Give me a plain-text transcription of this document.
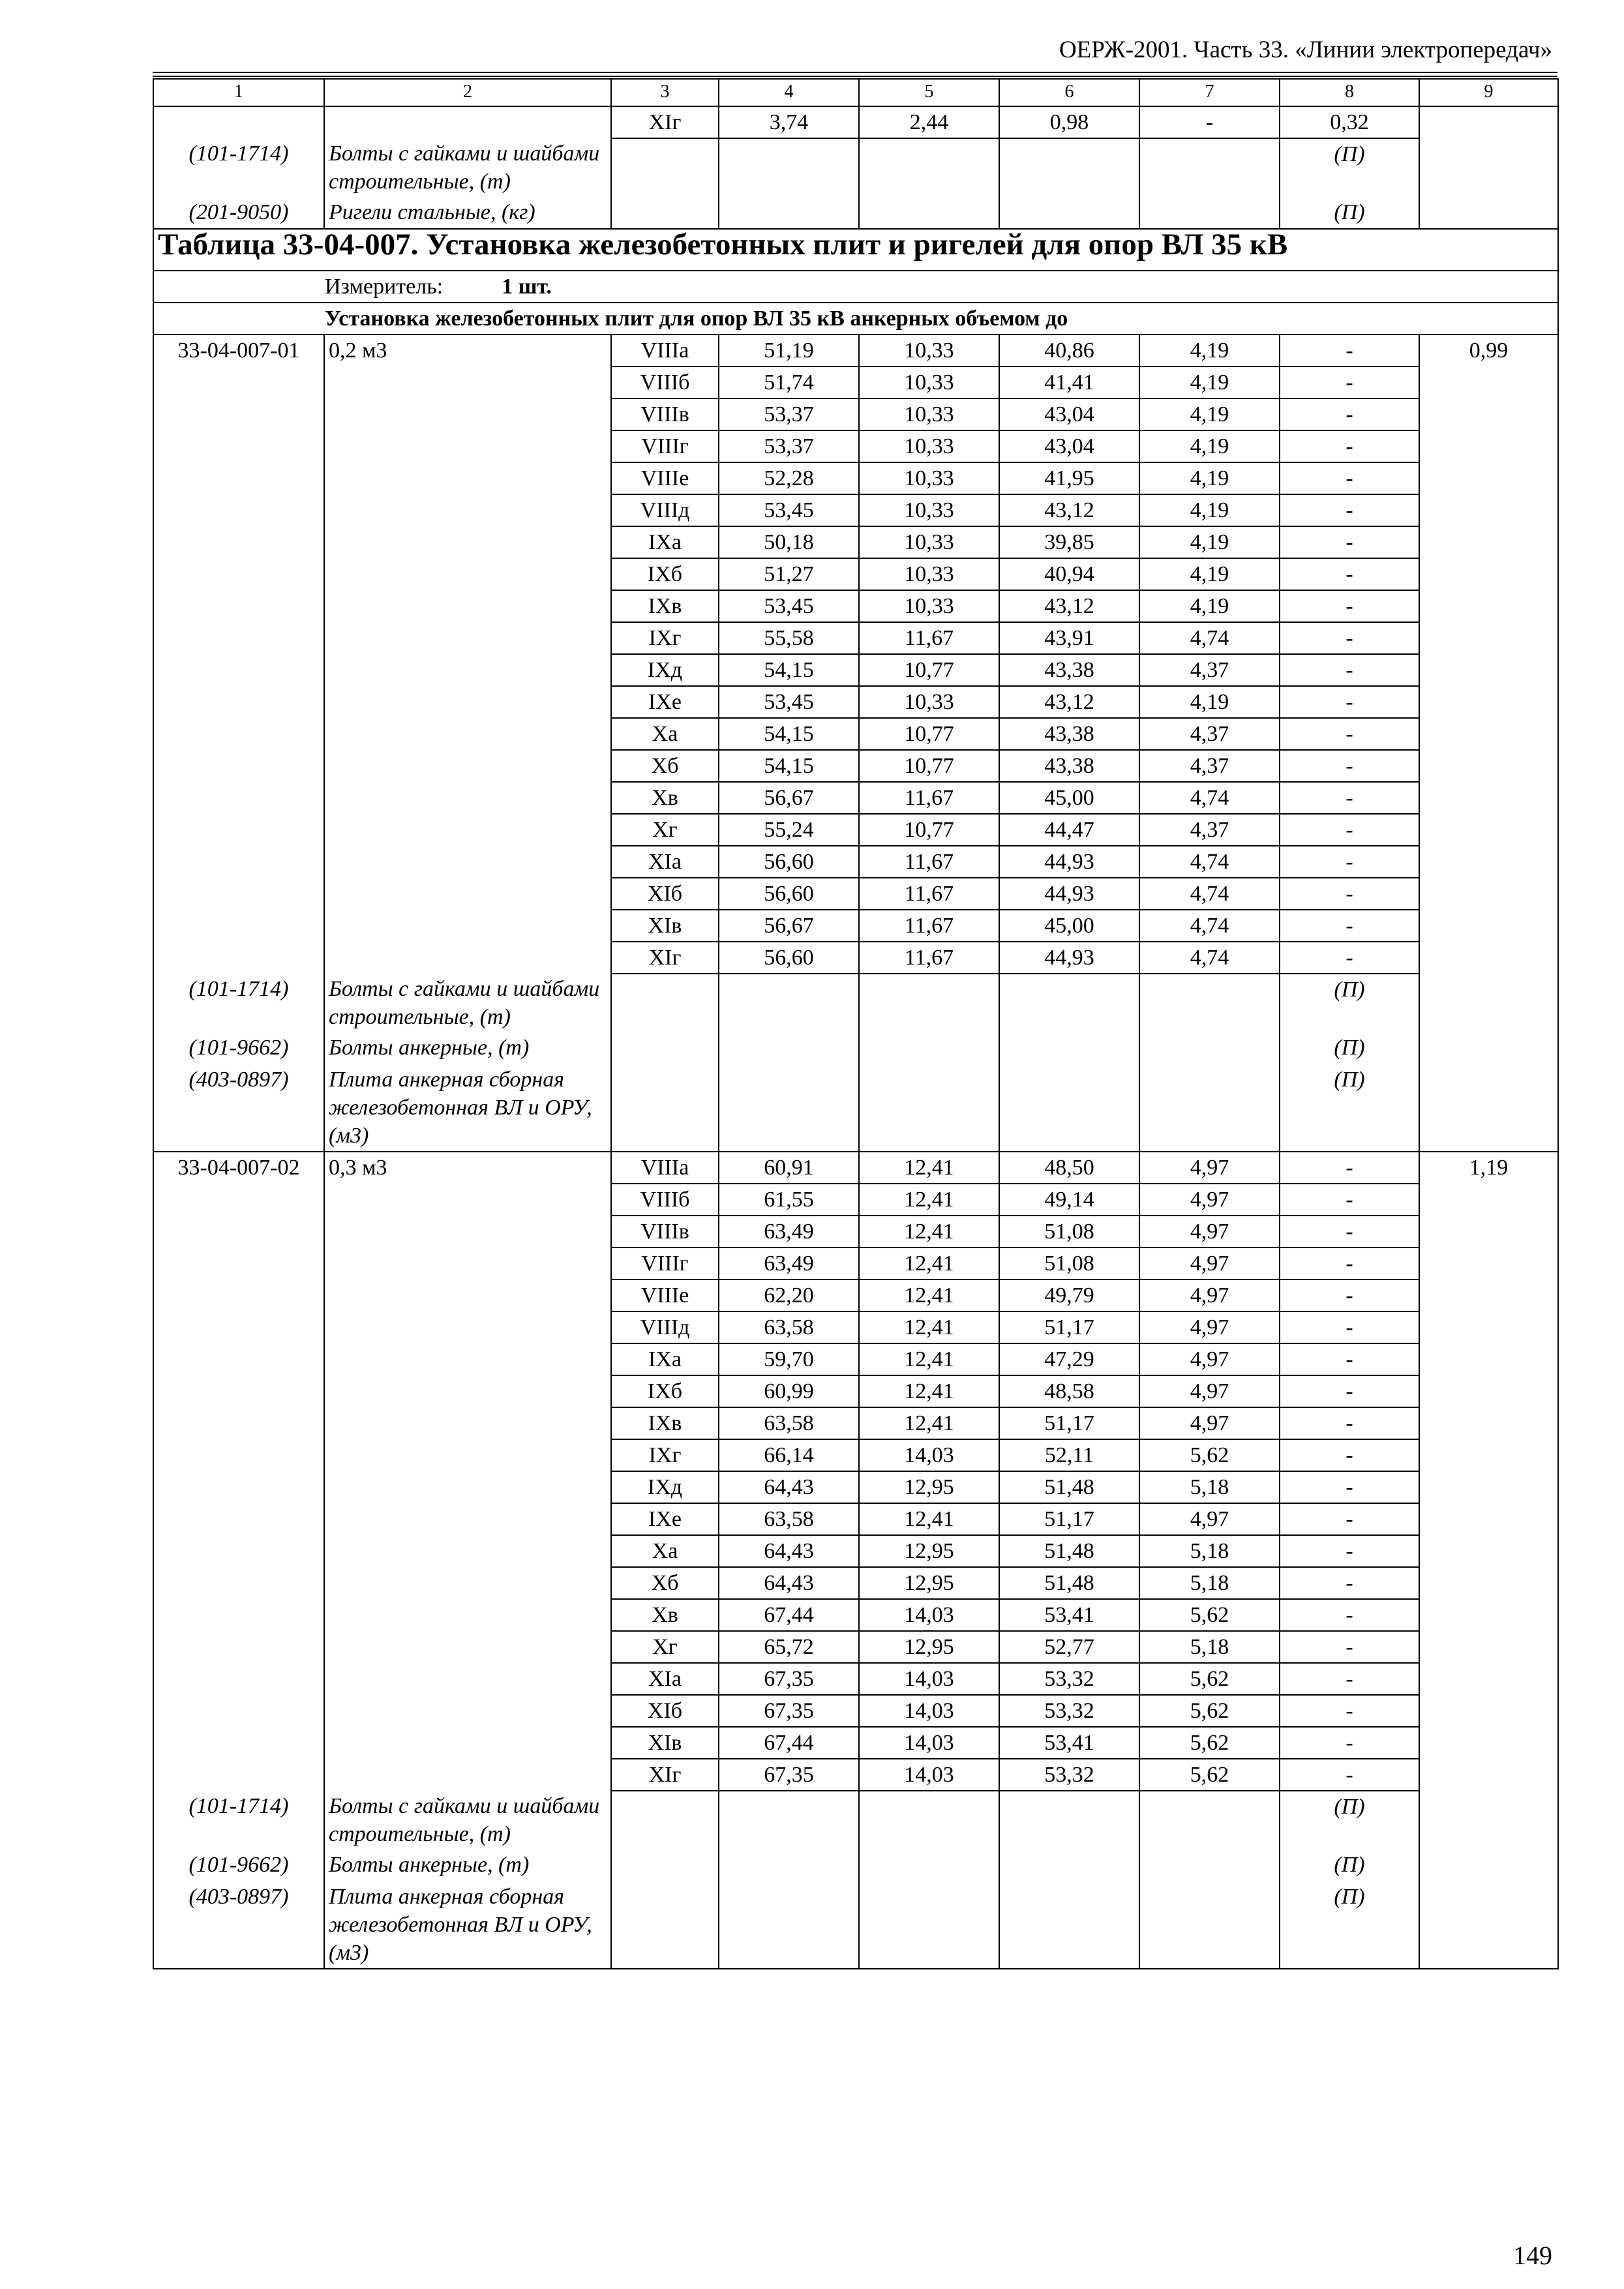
ОЕРЖ-2001. Часть 33. «Линии электропередач»
1	2	3	4	5	6	7	8	9
		XIг	3,74	2,44	0,98	-	0,32	
(101-1714)	Болты с гайками и шайбами строительные, (т)						(П)	
(201-9050)	Ригели стальные, (кг)						(П)	
Таблица 33-04-007. Установка железобетонных плит и ригелей для опор ВЛ 35 кВ								
Измеритель: 1 шт.								
Установка железобетонных плит для опор ВЛ 35 кВ анкерных объемом до								
33-04-007-01	0,2 м3	VIIIа	51,19	10,33	40,86	4,19	-	0,99
		VIIIб	51,74	10,33	41,41	4,19	-	
		VIIIв	53,37	10,33	43,04	4,19	-	
		VIIIг	53,37	10,33	43,04	4,19	-	
		VIIIе	52,28	10,33	41,95	4,19	-	
		VIIIд	53,45	10,33	43,12	4,19	-	
		IXа	50,18	10,33	39,85	4,19	-	
		IXб	51,27	10,33	40,94	4,19	-	
		IXв	53,45	10,33	43,12	4,19	-	
		IXг	55,58	11,67	43,91	4,74	-	
		IXд	54,15	10,77	43,38	4,37	-	
		IXе	53,45	10,33	43,12	4,19	-	
		Xа	54,15	10,77	43,38	4,37	-	
		Xб	54,15	10,77	43,38	4,37	-	
		Xв	56,67	11,67	45,00	4,74	-	
		Xг	55,24	10,77	44,47	4,37	-	
		XIа	56,60	11,67	44,93	4,74	-	
		XIб	56,60	11,67	44,93	4,74	-	
		XIв	56,67	11,67	45,00	4,74	-	
		XIг	56,60	11,67	44,93	4,74	-	
(101-1714)	Болты с гайками и шайбами строительные, (т)						(П)	
(101-9662)	Болты анкерные, (т)						(П)	
(403-0897)	Плита анкерная сборная железобетонная ВЛ и ОРУ, (м3)						(П)	
33-04-007-02	0,3 м3	VIIIа	60,91	12,41	48,50	4,97	-	1,19
		VIIIб	61,55	12,41	49,14	4,97	-	
		VIIIв	63,49	12,41	51,08	4,97	-	
		VIIIг	63,49	12,41	51,08	4,97	-	
		VIIIе	62,20	12,41	49,79	4,97	-	
		VIIIд	63,58	12,41	51,17	4,97	-	
		IXа	59,70	12,41	47,29	4,97	-	
		IXб	60,99	12,41	48,58	4,97	-	
		IXв	63,58	12,41	51,17	4,97	-	
		IXг	66,14	14,03	52,11	5,62	-	
		IXд	64,43	12,95	51,48	5,18	-	
		IXе	63,58	12,41	51,17	4,97	-	
		Xа	64,43	12,95	51,48	5,18	-	
		Xб	64,43	12,95	51,48	5,18	-	
		Xв	67,44	14,03	53,41	5,62	-	
		Xг	65,72	12,95	52,77	5,18	-	
		XIа	67,35	14,03	53,32	5,62	-	
		XIб	67,35	14,03	53,32	5,62	-	
		XIв	67,44	14,03	53,41	5,62	-	
		XIг	67,35	14,03	53,32	5,62	-	
(101-1714)	Болты с гайками и шайбами строительные, (т)						(П)	
(101-9662)	Болты анкерные, (т)						(П)	
(403-0897)	Плита анкерная сборная железобетонная ВЛ и ОРУ, (м3)						(П)	
149
